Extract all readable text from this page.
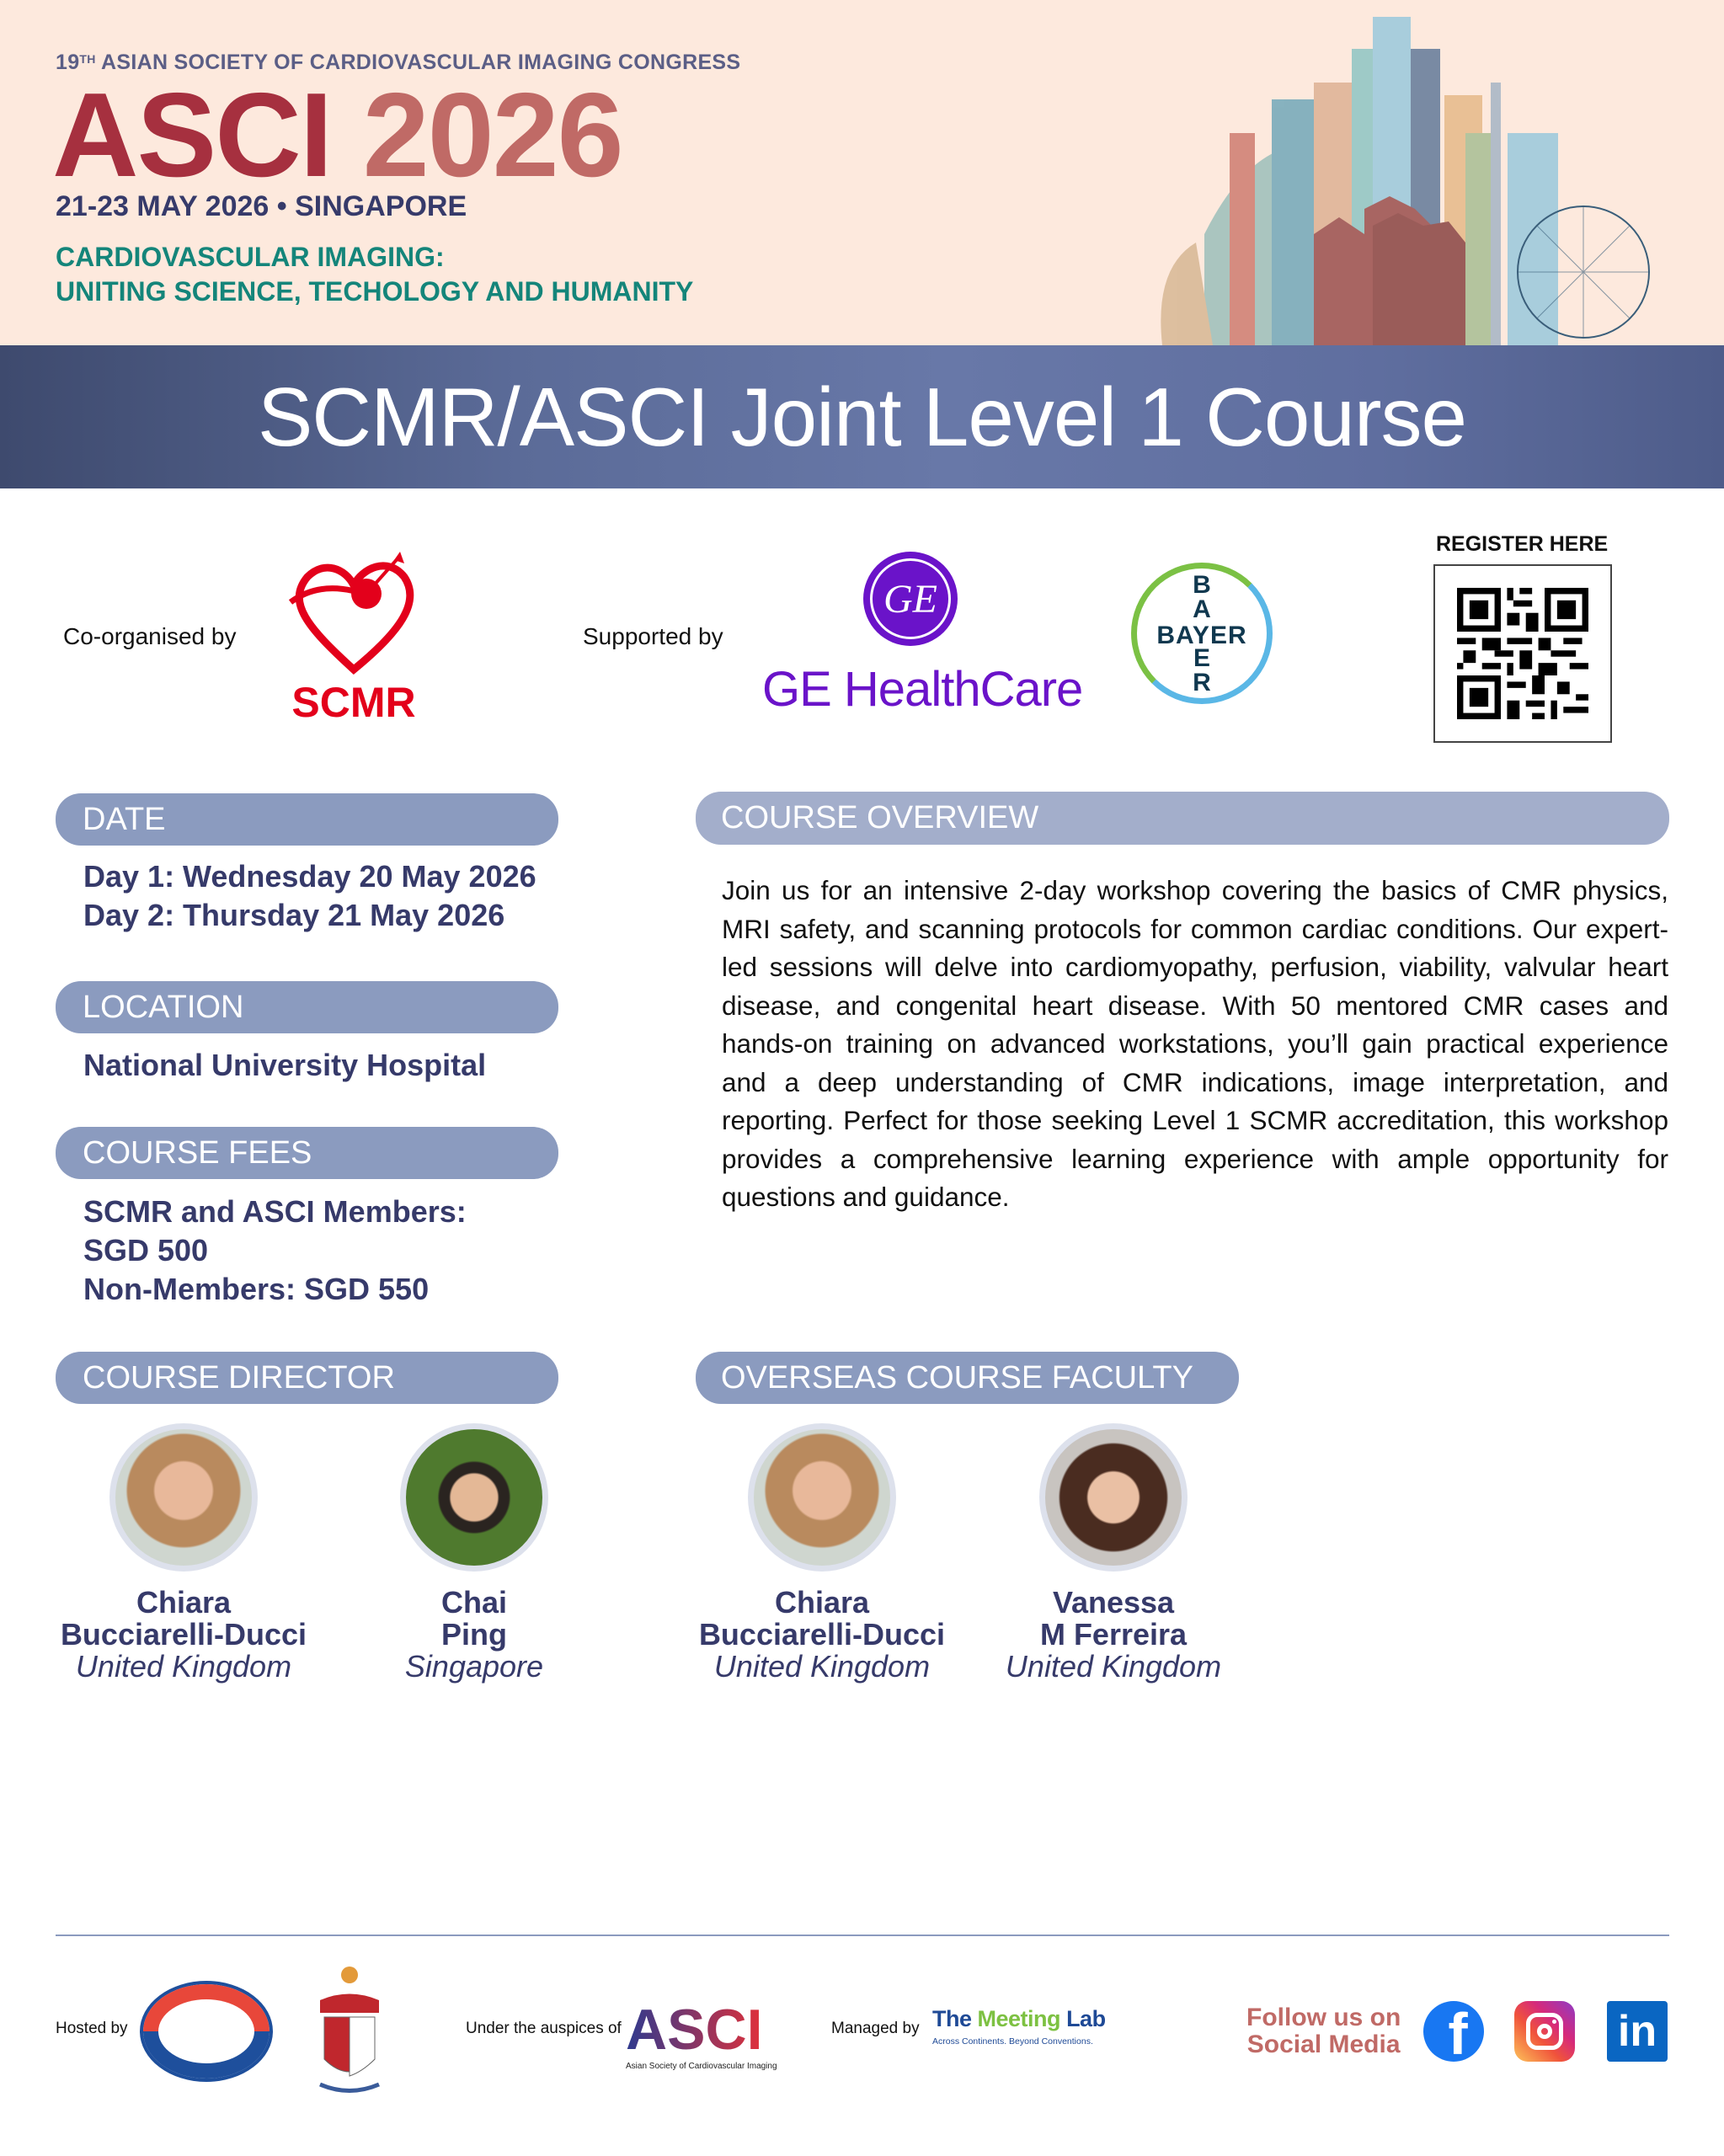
19TH ASIAN SOCIETY OF CARDIOVASCULAR IMAGING CONGRESS
ASCI 2026
21-23 MAY 2026 • SINGAPORE
CARDIOVASCULAR IMAGING:
UNITING SCIENCE, TECHOLOGY AND HUMANITY
SCMR/ASCI Joint Level 1 Course
Co-organised by
SCMR
Supported by
GE
GE HealthCare
BAYER
B
A

E
R
REGISTER HERE
DATE
Day 1: Wednesday 20 May 2026
Day 2: Thursday 21 May 2026
LOCATION
National University Hospital
COURSE FEES
SCMR and ASCI Members:
SGD 500
Non-Members: SGD 550
COURSE OVERVIEW
Join us for an intensive 2-day workshop covering the basics of CMR physics, MRI safety, and scanning protocols for common cardiac conditions. Our expert-led sessions will delve into cardiomyopathy, perfusion, viability, valvular heart disease, and congenital heart disease. With 50 mentored CMR cases and hands-on training on advanced workstations, you’ll gain practical experience and a deep understanding of CMR indications, image interpretation, and reporting. Perfect for those seeking Level 1 SCMR accreditation, this workshop provides a comprehensive learning experience with ample opportunity for questions and guidance.
COURSE DIRECTOR
Chiara
Bucciarelli-Ducci
United Kingdom
Chai
Ping
Singapore
OVERSEAS COURSE FACULTY
Chiara
Bucciarelli-Ducci
United Kingdom
Vanessa
M Ferreira
United Kingdom
Hosted by	Under the auspices of ASCI
Asian Society of Cardiovascular Imaging
Managed by The Meeting Lab
Across Continents. Beyond Conventions.
Follow us on
Social Media f	in
